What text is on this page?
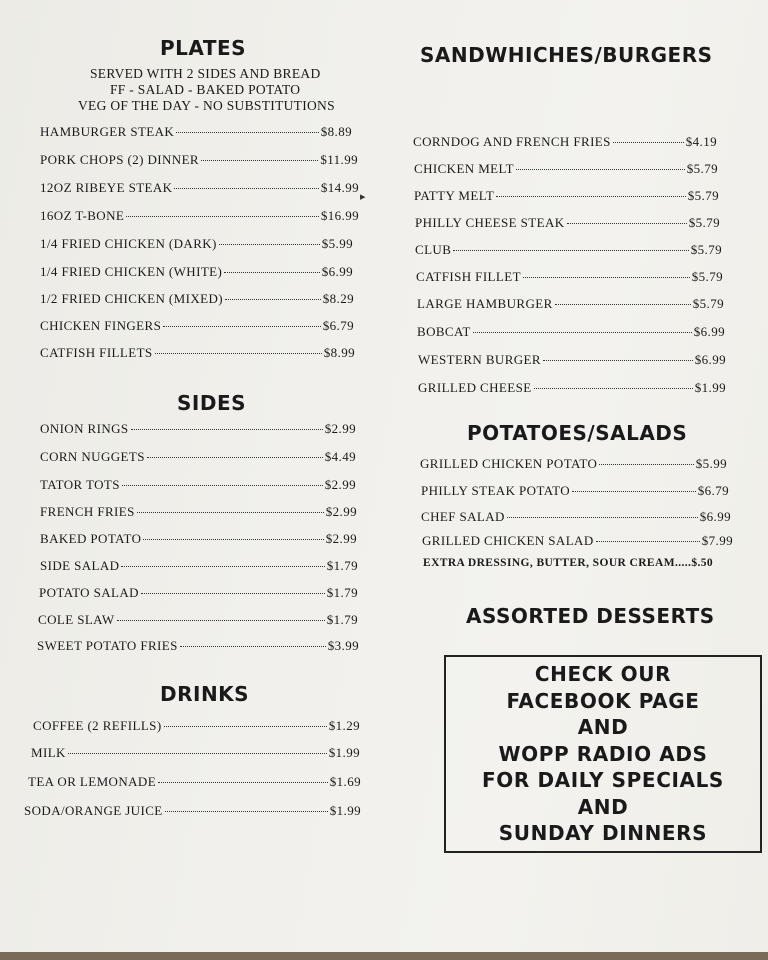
PLATES
SERVED WITH 2 SIDES AND BREAD
FF - SALAD - BAKED POTATO
VEG OF THE DAY - NO SUBSTITUTIONS
HAMBURGER STEAK	$8.89
PORK CHOPS (2) DINNER	$11.99
12OZ RIBEYE STEAK	$14.99
▸
16OZ T-BONE	$16.99
1/4 FRIED CHICKEN (DARK)	$5.99
1/4 FRIED CHICKEN (WHITE)	$6.99
1/2 FRIED CHICKEN (MIXED)	$8.29
CHICKEN FINGERS	$6.79
CATFISH FILLETS	$8.99
SIDES
ONION RINGS	$2.99
CORN NUGGETS	$4.49
TATOR TOTS	$2.99
FRENCH FRIES	$2.99
BAKED POTATO	$2.99
SIDE SALAD	$1.79
POTATO SALAD	$1.79
COLE SLAW	$1.79
SWEET POTATO FRIES	$3.99
DRINKS
COFFEE (2 REFILLS)	$1.29
MILK	$1.99
TEA OR LEMONADE	$1.69
SODA/ORANGE JUICE	$1.99
SANDWHICHES/BURGERS
CORNDOG AND FRENCH FRIES	$4.19
CHICKEN MELT	$5.79
PATTY MELT	$5.79
PHILLY CHEESE STEAK	$5.79
CLUB	$5.79
CATFISH FILLET	$5.79
LARGE HAMBURGER	$5.79
BOBCAT	$6.99
WESTERN BURGER	$6.99
GRILLED CHEESE	$1.99
POTATOES/SALADS
GRILLED CHICKEN POTATO	$5.99
PHILLY STEAK POTATO	$6.79
CHEF SALAD	$6.99
GRILLED CHICKEN SALAD	$7.99
EXTRA DRESSING, BUTTER, SOUR CREAM.....$.50
ASSORTED DESSERTS
CHECK OUR
FACEBOOK PAGE
AND
WOPP RADIO ADS
FOR DAILY SPECIALS
AND
SUNDAY DINNERS
